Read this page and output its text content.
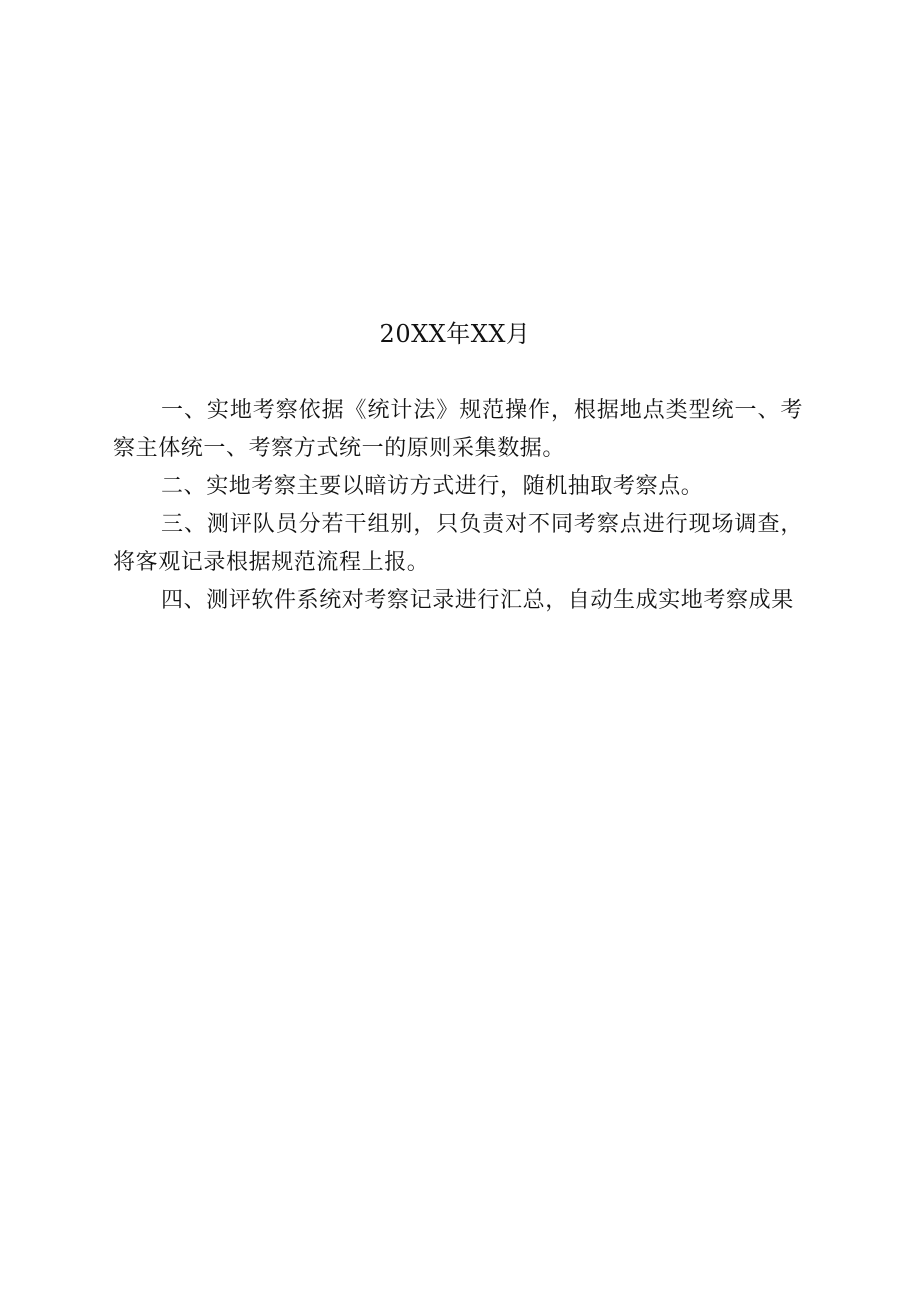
20XX年XX月

一、实地考察依据《统计法》规范操作，根据地点类型统一、考察主体统一、考察方式统一的原则采集数据。

二、实地考察主要以暗访方式进行，随机抽取考察点。

三、测评队员分若干组别，只负责对不同考察点进行现场调查，将客观记录根据规范流程上报。

四、测评软件系统对考察记录进行汇总，自动生成实地考察成果
